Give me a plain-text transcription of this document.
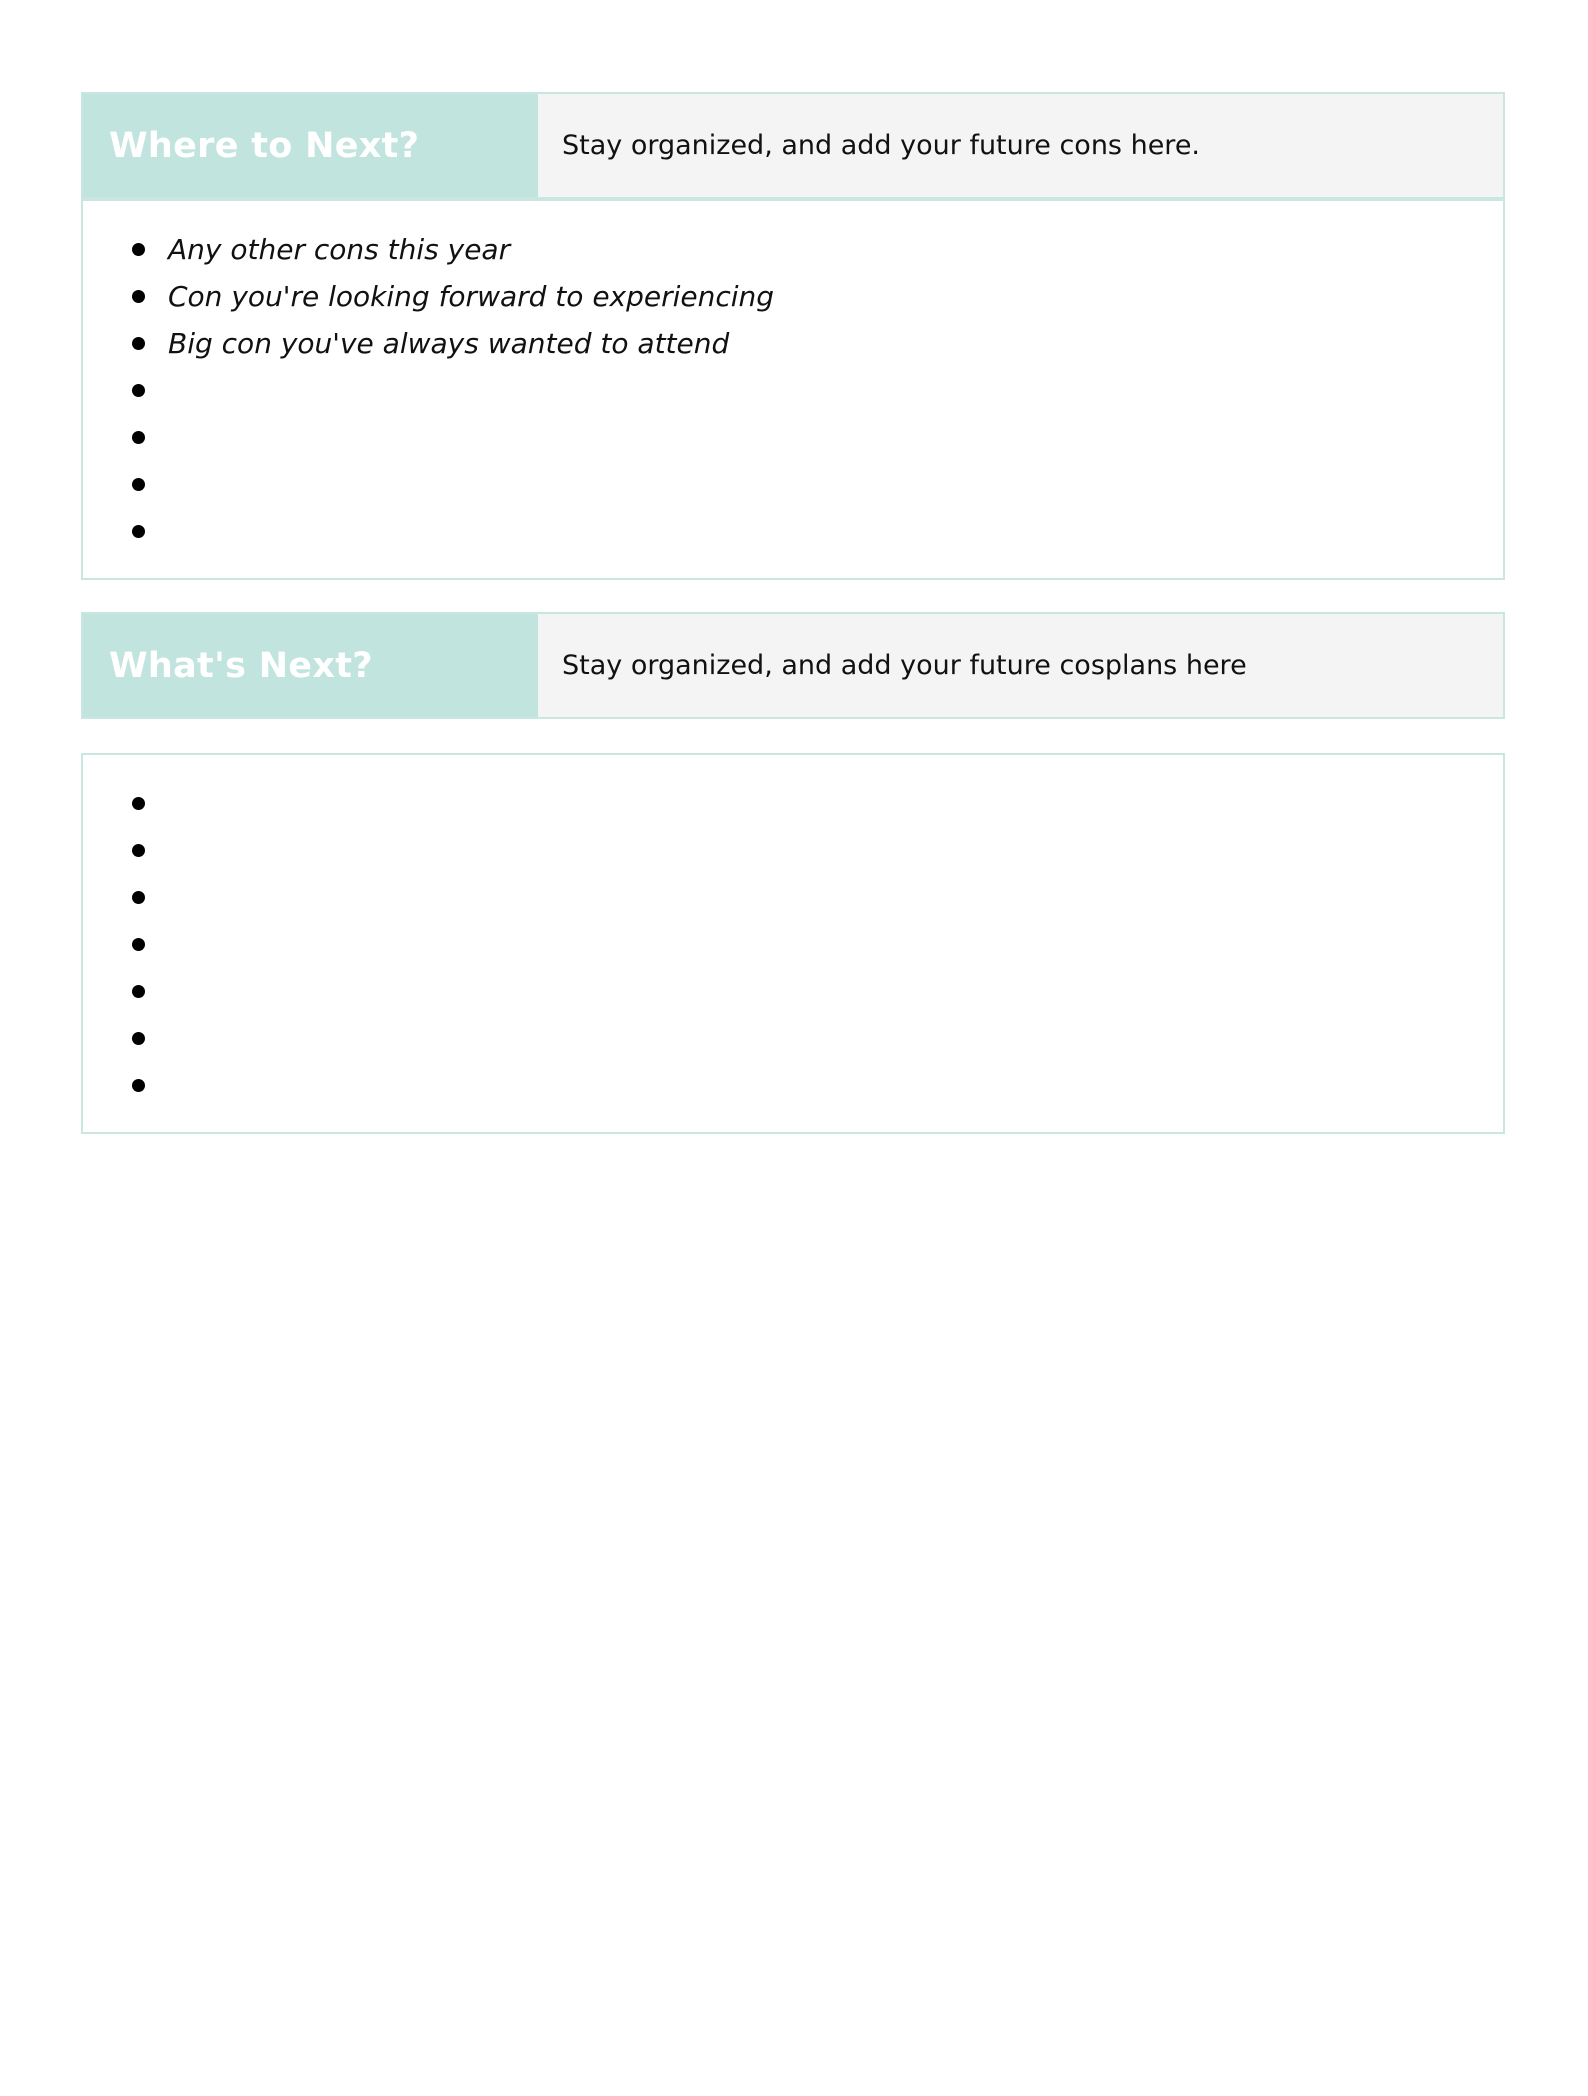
Where to Next?	Stay organized, and add your future cons here.
Any other cons this year
Con you're looking forward to experiencing
Big con you've always wanted to attend
What's Next?	Stay organized, and add your future cosplans here
